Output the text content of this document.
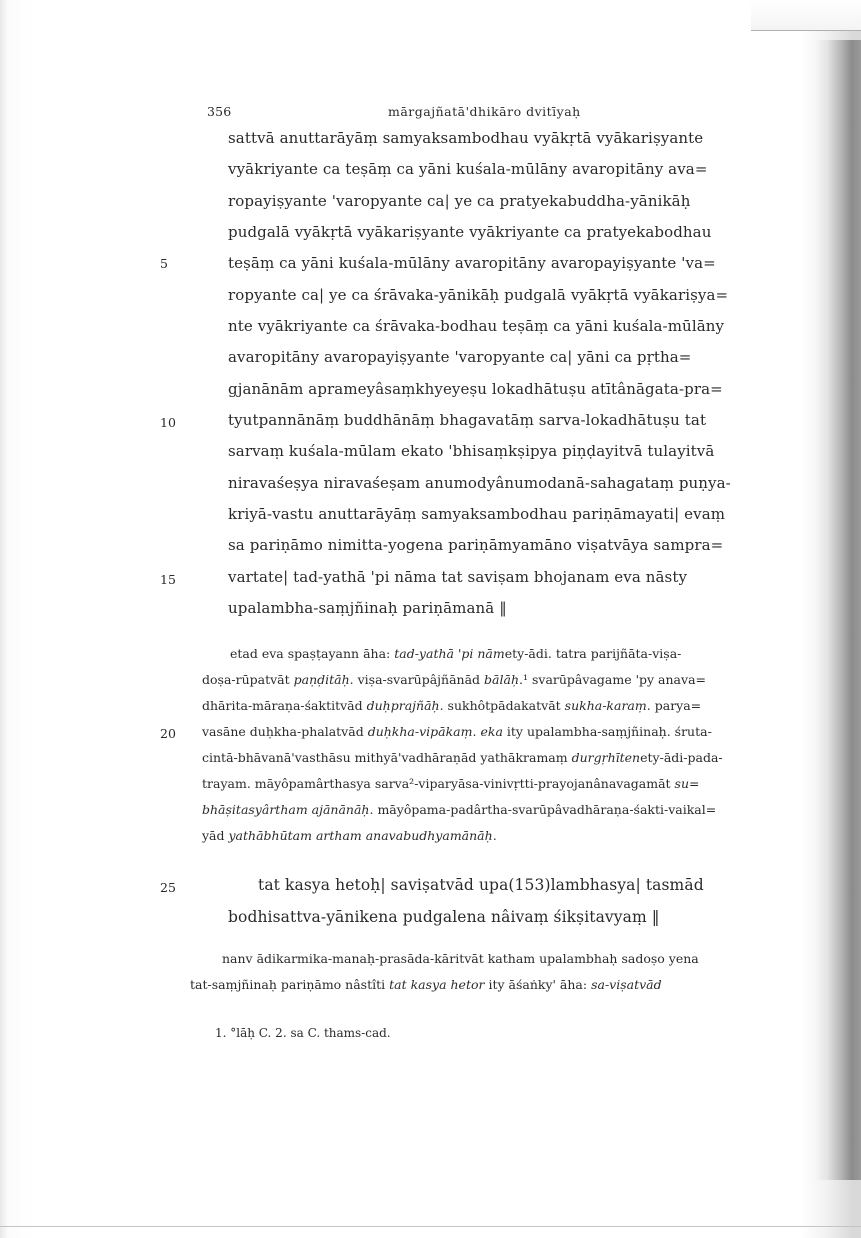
356	mārgajñatā'dhikāro dvitīyaḥ
5
10
15
20
25
sattvā anuttarāyāṃ samyaksambodhau vyākṛtā vyākariṣyante
vyākriyante ca teṣāṃ ca yāni kuśala-mūlāny avaropitāny ava=
ropayiṣyante 'varopyante ca| ye ca pratyekabuddha-yānikāḥ
pudgalā vyākṛtā vyākariṣyante vyākriyante ca pratyekabodhau
teṣāṃ ca yāni kuśala-mūlāny avaropitāny avaropayiṣyante 'va=
ropyante ca| ye ca śrāvaka-yānikāḥ pudgalā vyākṛtā vyākariṣya=
nte vyākriyante ca śrāvaka-bodhau teṣāṃ ca yāni kuśala-mūlāny
avaropitāny avaropayiṣyante 'varopyante ca| yāni ca pṛtha=
gjanānām aprameyâsaṃkhyeyeṣu lokadhātuṣu atītânāgata-pra=
tyutpannānāṃ buddhānāṃ bhagavatāṃ sarva-lokadhātuṣu tat
sarvaṃ kuśala-mūlam ekato 'bhisaṃkṣipya piṇḍayitvā tulayitvā
niravaśeṣya niravaśeṣam anumodyânumodanā-sahagataṃ puṇya-
kriyā-vastu anuttarāyāṃ samyaksambodhau pariṇāmayati| evaṃ
sa pariṇāmo nimitta-yogena pariṇāmyamāno viṣatvāya sampra=
vartate| tad-yathā 'pi nāma tat saviṣam bhojanam eva nāsty
upalambha-saṃjñinaḥ pariṇāmanā ‖
etad eva spaṣṭayann āha: tad-yathā 'pi nāmety-ādi. tatra parijñāta-viṣa-
doṣa-rūpatvāt paṇḍitāḥ. viṣa-svarūpâjñānād bālāḥ.¹ svarūpâvagame 'py anava=
dhārita-māraṇa-śaktitvād duḥprajñāḥ. sukhôtpādakatvāt sukha-karaṃ. parya=
vasāne duḥkha-phalatvād duḥkha-vipākaṃ. eka ity upalambha-saṃjñinaḥ. śruta-
cintā-bhāvanā'vasthāsu mithyā'vadhāraṇād yathākramaṃ durgṛhītenety-ādi-pada-
trayam. māyôpamârthasya sarva²-viparyāsa-vinivṛtti-prayojanânavagamāt su=
bhāṣitasyârtham ajānānāḥ. māyôpama-padârtha-svarūpâvadhāraṇa-śakti-vaikal=
yād yathābhūtam artham anavabudhyamānāḥ.
tat kasya hetoḥ| saviṣatvād upa(153)lambhasya| tasmād
bodhisattva-yānikena pudgalena nâivaṃ śikṣitavyaṃ ‖
nanv ādikarmika-manaḥ-prasāda-kāritvāt katham upalambhaḥ sadoṣo yena
tat-saṃjñinaḥ pariṇāmo nâstîti tat kasya hetor ity āśaṅky' āha: sa-viṣatvād
1. °lāḥ C. 2. sa C. thams-cad.
